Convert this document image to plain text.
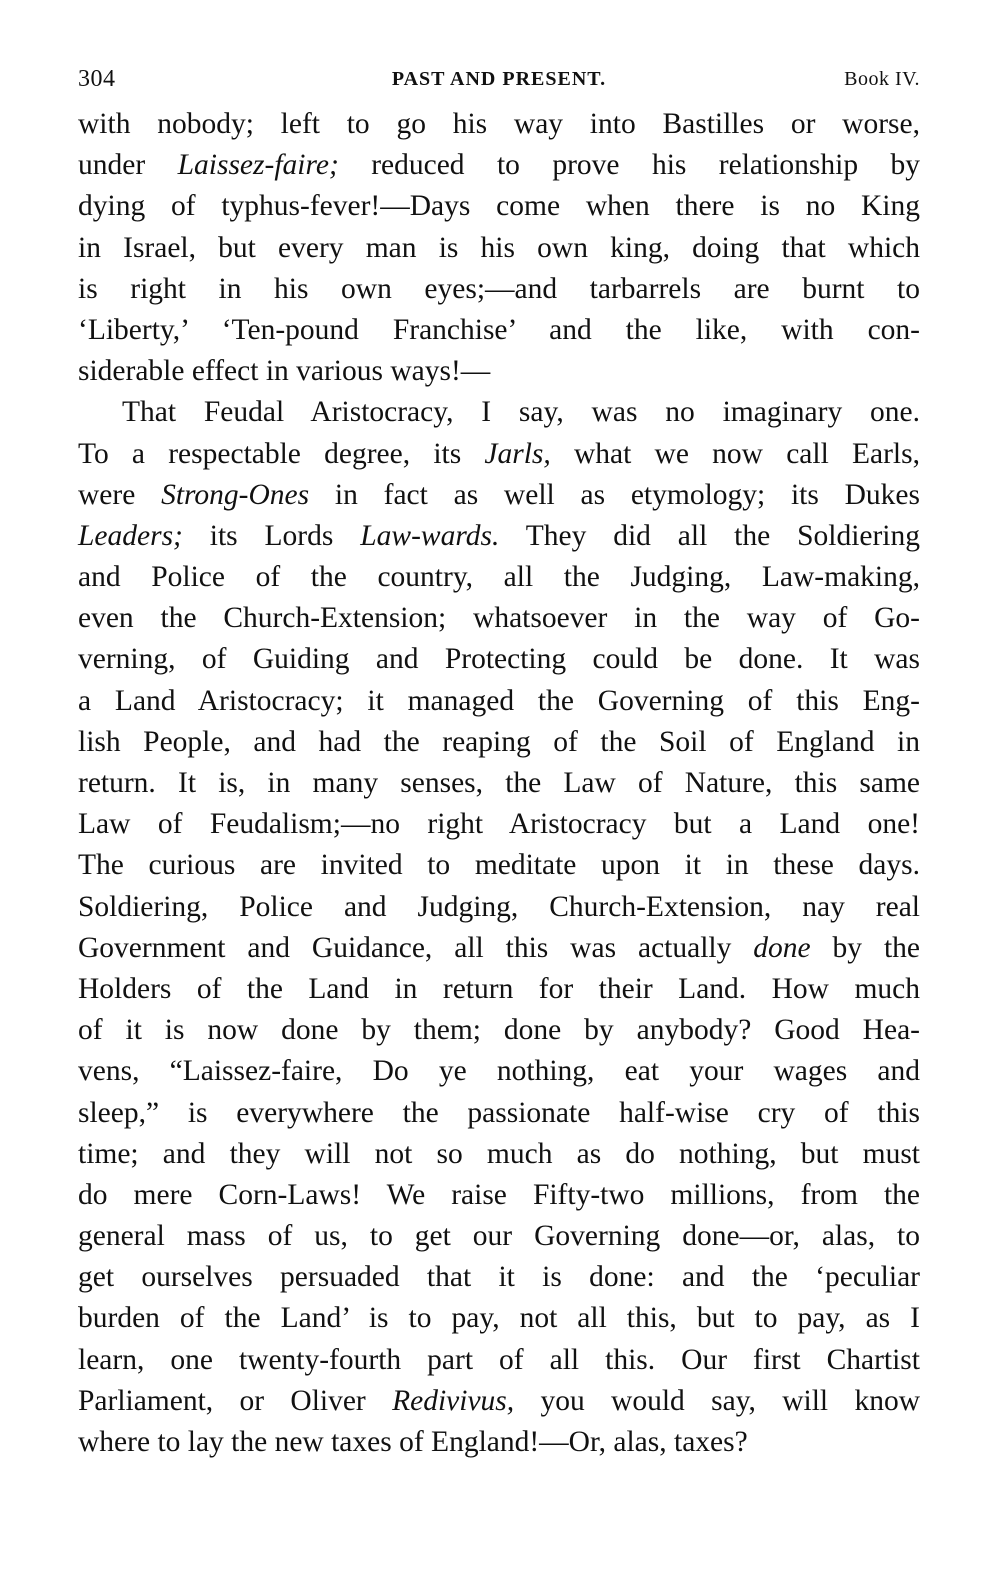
304	PAST AND PRESENT.	Book IV.
with nobody; left to go his way into Bastilles or worse,
under Laissez-faire; reduced to prove his relationship by
dying of typhus-fever!—Days come when there is no King
in Israel, but every man is his own king, doing that which
is right in his own eyes;—and tarbarrels are burnt to
‘Liberty,’ ‘Ten-pound Franchise’ and the like, with con-
siderable effect in various ways!—
That Feudal Aristocracy, I say, was no imaginary one.
To a respectable degree, its Jarls, what we now call Earls,
were Strong-Ones in fact as well as etymology; its Dukes
Leaders; its Lords Law-wards. They did all the Soldiering
and Police of the country, all the Judging, Law-making,
even the Church-Extension; whatsoever in the way of Go-
verning, of Guiding and Protecting could be done. It was
a Land Aristocracy; it managed the Governing of this Eng-
lish People, and had the reaping of the Soil of England in
return. It is, in many senses, the Law of Nature, this same
Law of Feudalism;—no right Aristocracy but a Land one!
The curious are invited to meditate upon it in these days.
Soldiering, Police and Judging, Church-Extension, nay real
Government and Guidance, all this was actually done by the
Holders of the Land in return for their Land. How much
of it is now done by them; done by anybody? Good Hea-
vens, “Laissez-faire, Do ye nothing, eat your wages and
sleep,” is everywhere the passionate half-wise cry of this
time; and they will not so much as do nothing, but must
do mere Corn-Laws! We raise Fifty-two millions, from the
general mass of us, to get our Governing done—or, alas, to
get ourselves persuaded that it is done: and the ‘peculiar
burden of the Land’ is to pay, not all this, but to pay, as I
learn, one twenty-fourth part of all this. Our first Chartist
Parliament, or Oliver Redivivus, you would say, will know
where to lay the new taxes of England!—Or, alas, taxes?
